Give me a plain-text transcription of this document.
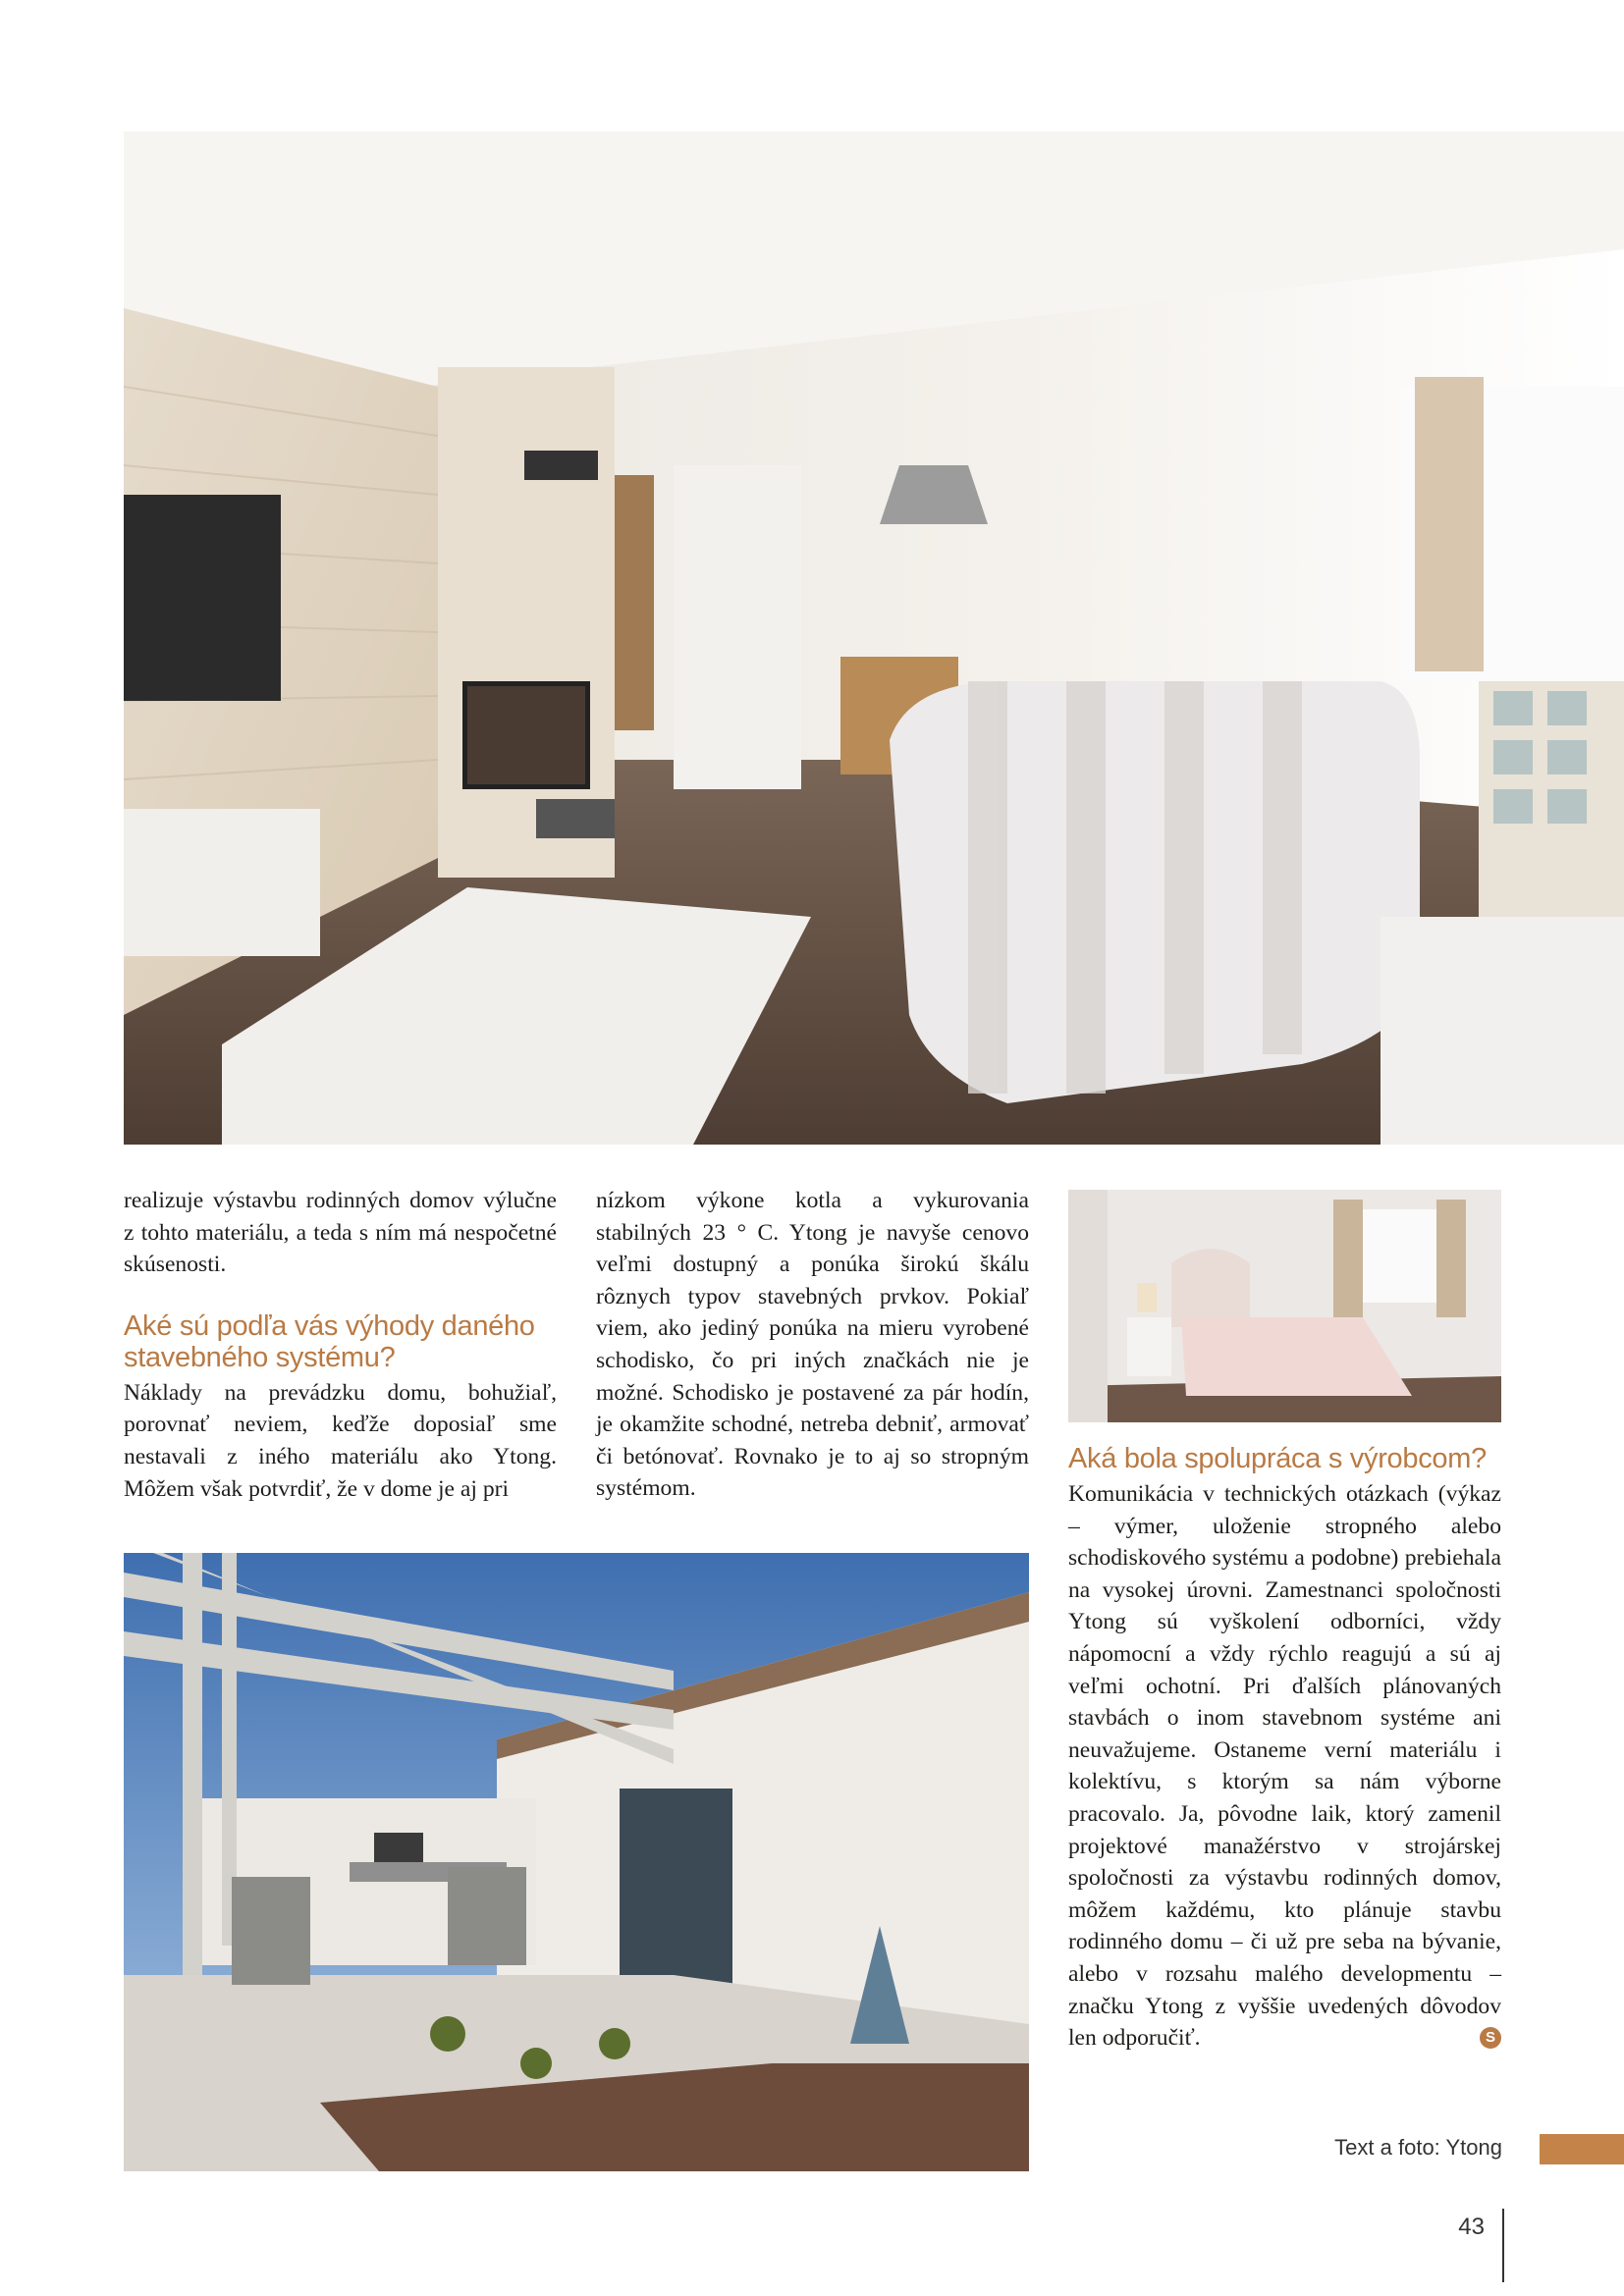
realizuje výstavbu rodinných domov výlučne z tohto materiálu, a teda s ním má nespočetné skúsenosti.

Aké sú podľa vás výhody daného stavebného systému?

Náklady na prevádzku domu, bohužiaľ, porovnať neviem, keďže doposiaľ sme nestavali z iného materiálu ako Ytong. Môžem však potvrdiť, že v dome je aj pri

nízkom výkone kotla a vykurovania stabilných 23 ° C. Ytong je navyše cenovo veľmi dostupný a ponúka širokú škálu rôznych typov stavebných prvkov. Pokiaľ viem, ako jediný ponúka na mieru vyrobené schodisko, čo pri iných značkách nie je možné. Schodisko je postavené za pár hodín, je okamžite schodné, netreba debniť, armovať či betónovať. Rovnako je to aj so stropným systémom.

Aká bola spolupráca s výrobcom?

Komunikácia v technických otázkach (výkaz – výmer, uloženie stropného alebo schodiskového systému a podobne) prebiehala na vysokej úrovni. Zamestnanci spoločnosti Ytong sú vyškolení odborníci, vždy nápomocní a vždy rýchlo reagujú a sú aj veľmi ochotní. Pri ďalších plánovaných stavbách o inom stavebnom systéme ani neuvažujeme. Ostaneme verní materiálu i kolektívu, s ktorým sa nám výborne pracovalo. Ja, pôvodne laik, ktorý zamenil projektové manažérstvo v strojárskej spoločnosti za výstavbu rodinných domov, môžem každému, kto plánuje stavbu rodinného domu – či už pre seba na bývanie, alebo v rozsahu malého developmentu – značku Ytong z vyššie uvedených dôvodov len odporučiť.	S

Text a foto: Ytong
43
